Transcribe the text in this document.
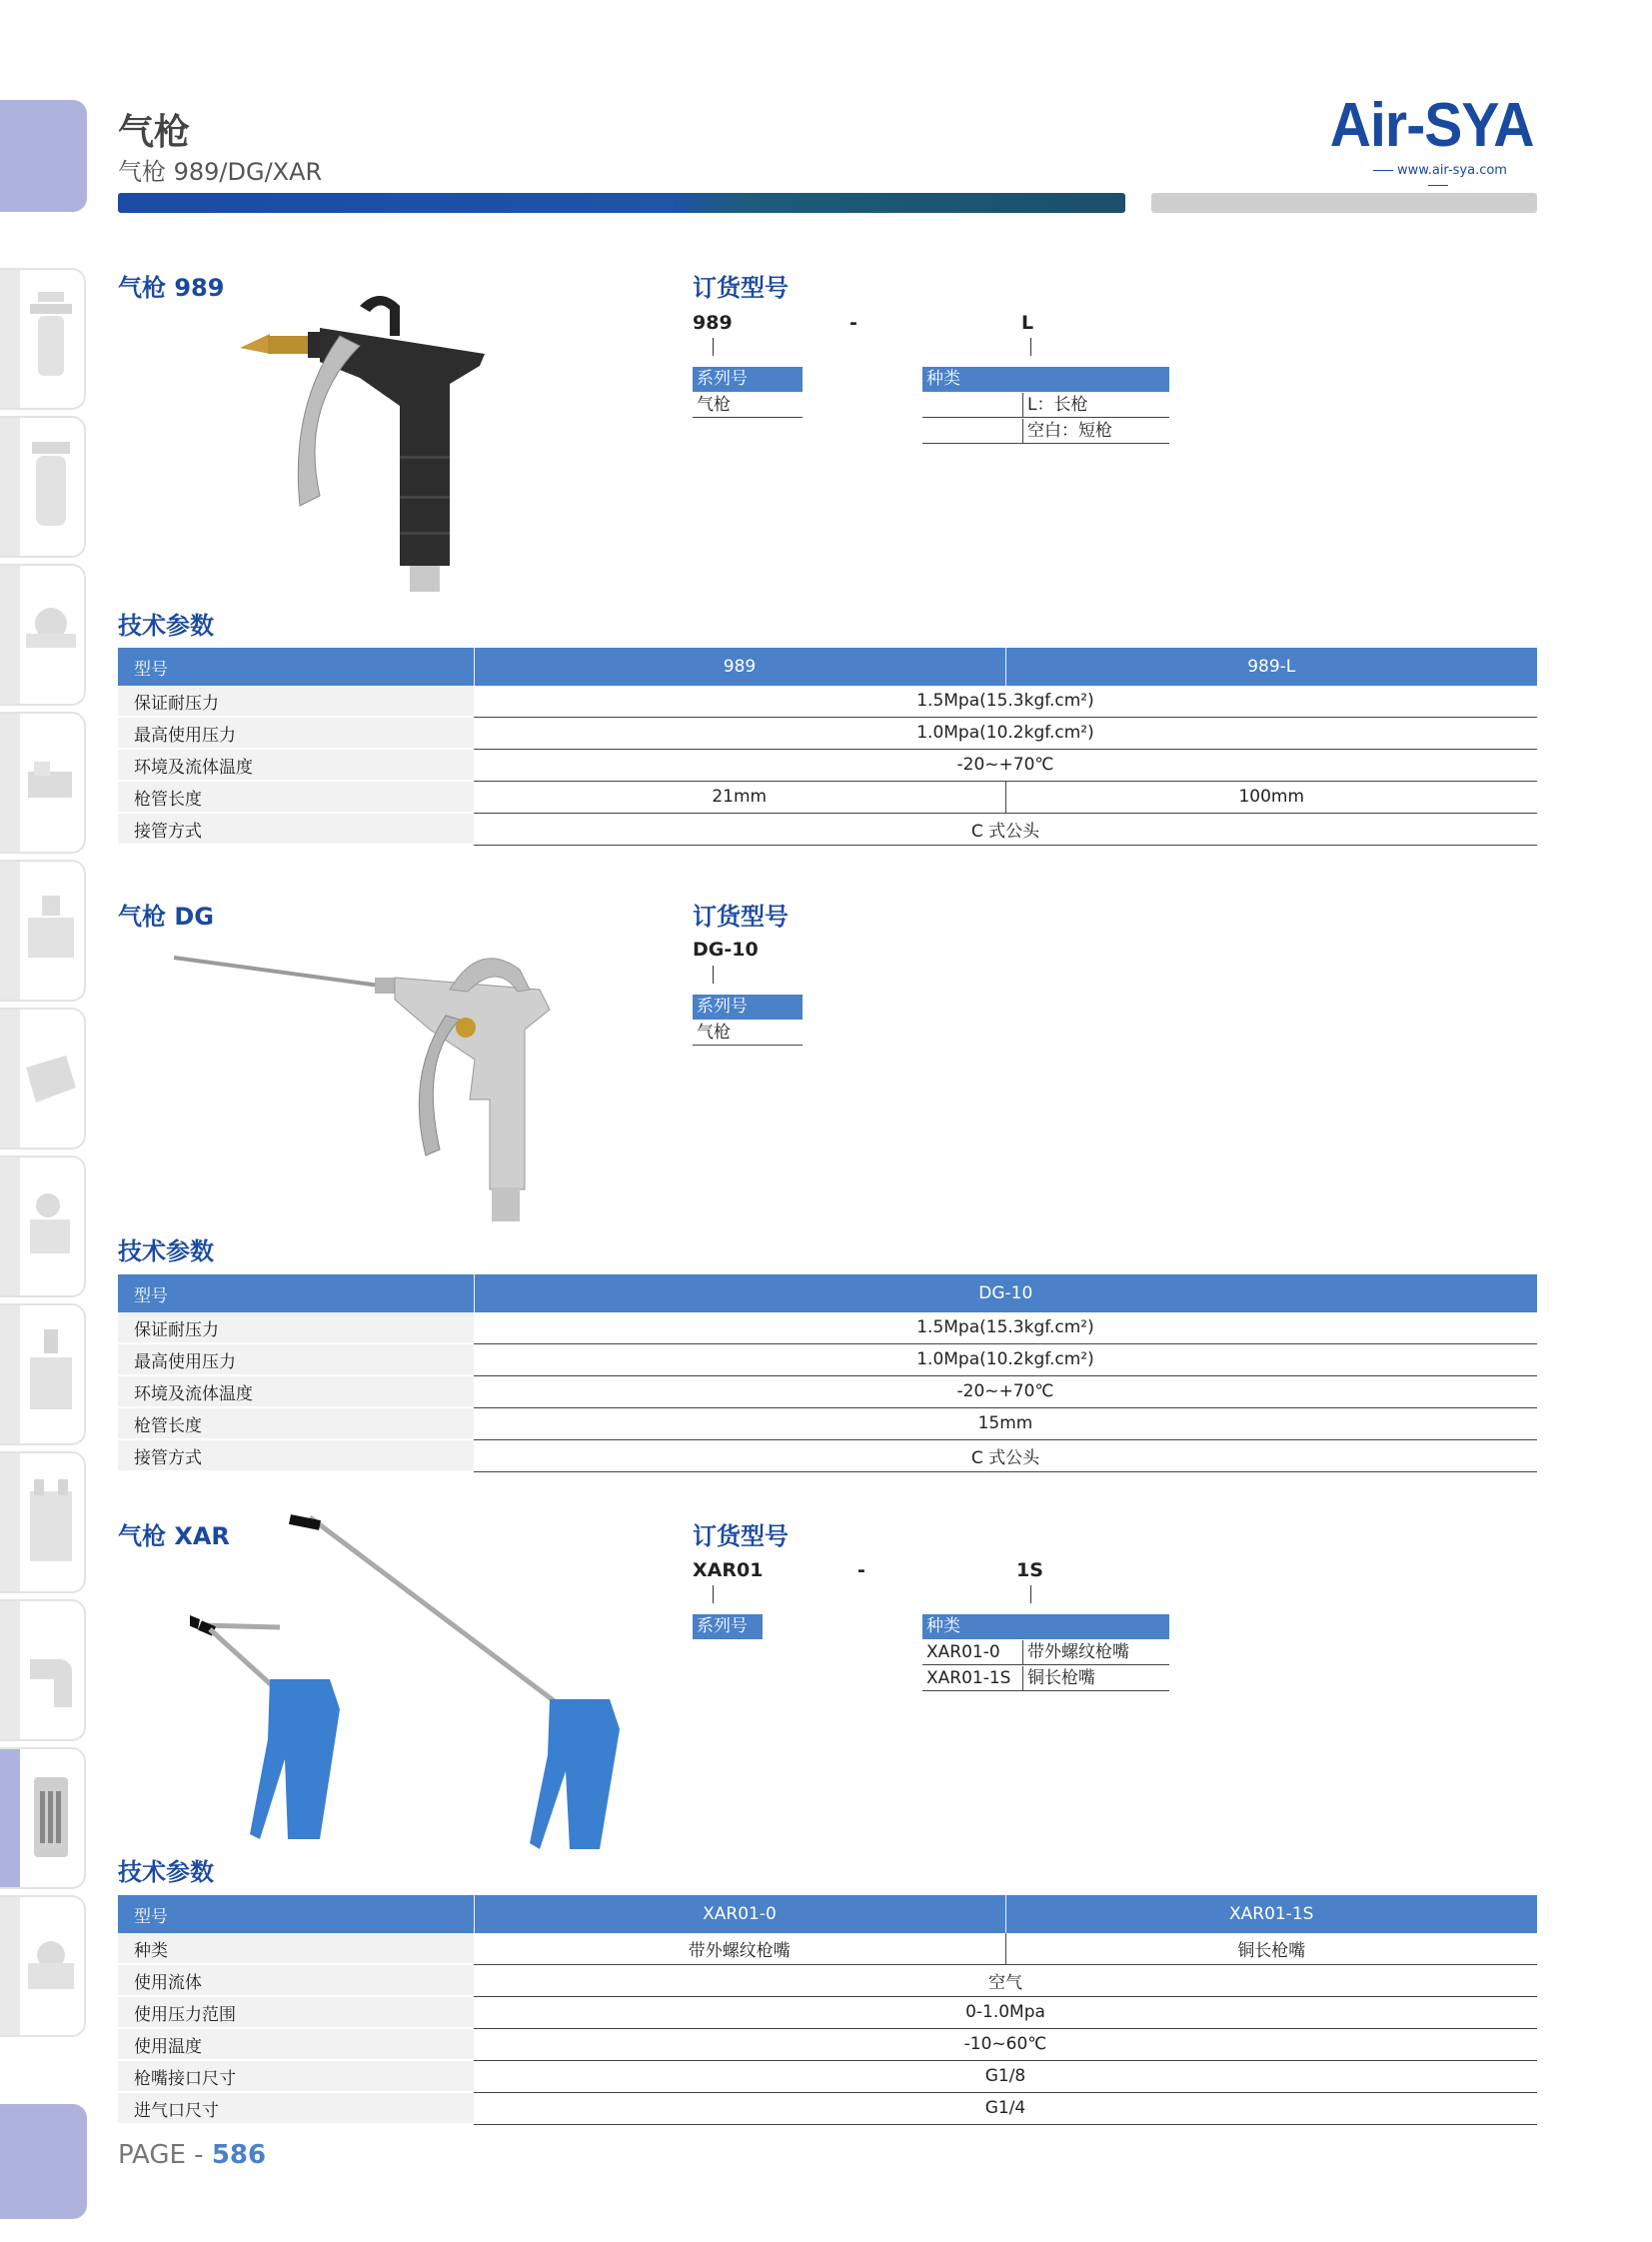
气枪
气枪 989/DG/XAR
Air-SYA
www.air-sya.com
气枪 989	订货型号
989	-	L
系列号
气枪
种类
L：长枪
空白：短枪
技术参数
型号	989	989-L
保证耐压力	1.5Mpa(15.3kgf.cm²)	
最高使用压力	1.0Mpa(10.2kgf.cm²)	
环境及流体温度	-20~+70℃	
枪管长度	21mm	100mm
接管方式	C 式公头	
气枪 DG	订货型号
DG-10
系列号
气枪
技术参数
型号	DG-10
保证耐压力	1.5Mpa(15.3kgf.cm²)
最高使用压力	1.0Mpa(10.2kgf.cm²)
环境及流体温度	-20~+70℃
枪管长度	15mm
接管方式	C 式公头
气枪 XAR	订货型号
XAR01	-	1S
系列号	种类
XAR01-0	带外螺纹枪嘴
XAR01-1S 铜长枪嘴
技术参数
型号	XAR01-0	XAR01-1S
种类	带外螺纹枪嘴	铜长枪嘴
使用流体	空气	
使用压力范围	0-1.0Mpa	
使用温度	-10~60℃	
枪嘴接口尺寸	G1/8	
进气口尺寸	G1/4	
PAGE - 586
